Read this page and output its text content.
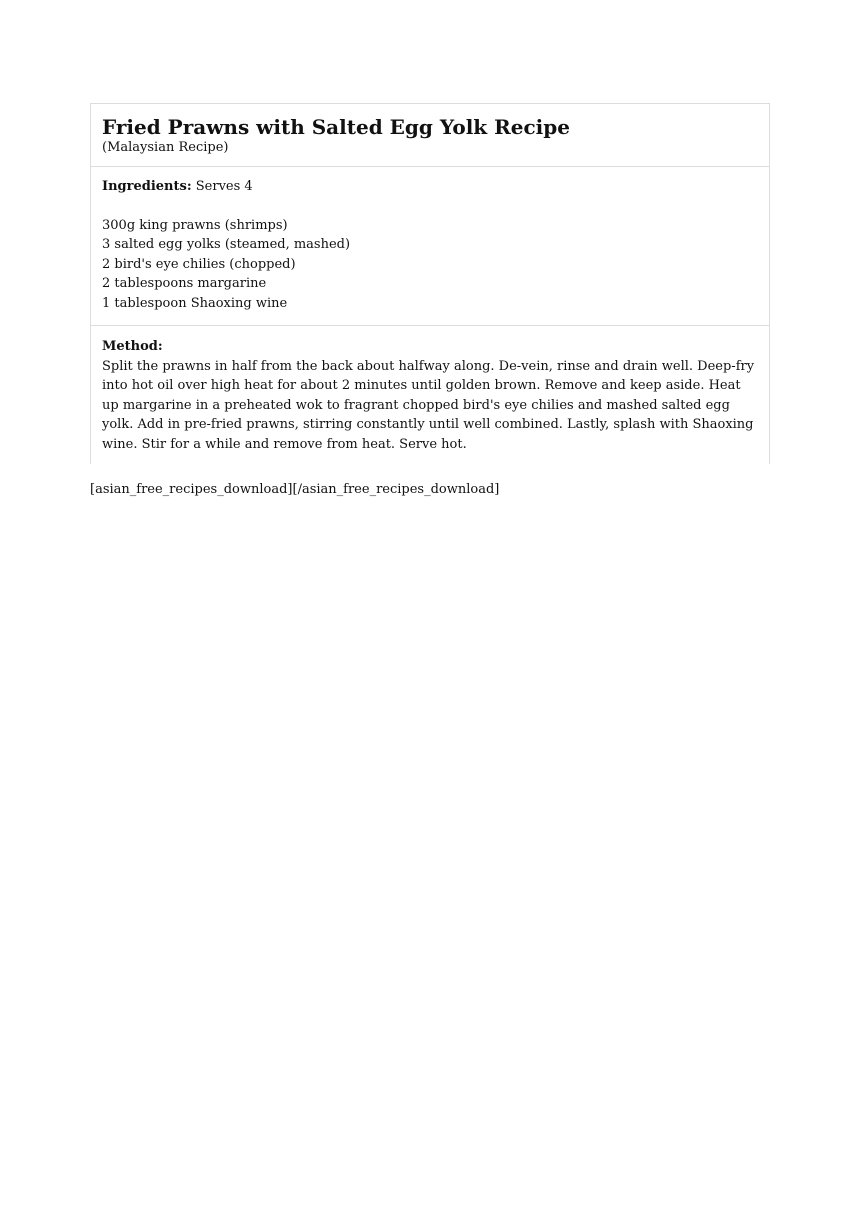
Fried Prawns with Salted Egg Yolk Recipe

(Malaysian Recipe)

Ingredients: Serves 4
300g king prawns (shrimps)
3 salted egg yolks (steamed, mashed)
2 bird's eye chilies (chopped)
2 tablespoons margarine
1 tablespoon Shaoxing wine
Method:

Split the prawns in half from the back about halfway along. De-vein, rinse and drain well. Deep-fry into hot oil over high heat for about 2 minutes until golden brown. Remove and keep aside. Heat up margarine in a preheated wok to fragrant chopped bird's eye chilies and mashed salted egg yolk. Add in pre-fried prawns, stirring constantly until well combined. Lastly, splash with Shaoxing wine. Stir for a while and remove from heat. Serve hot.

[asian_free_recipes_download][/asian_free_recipes_download]
